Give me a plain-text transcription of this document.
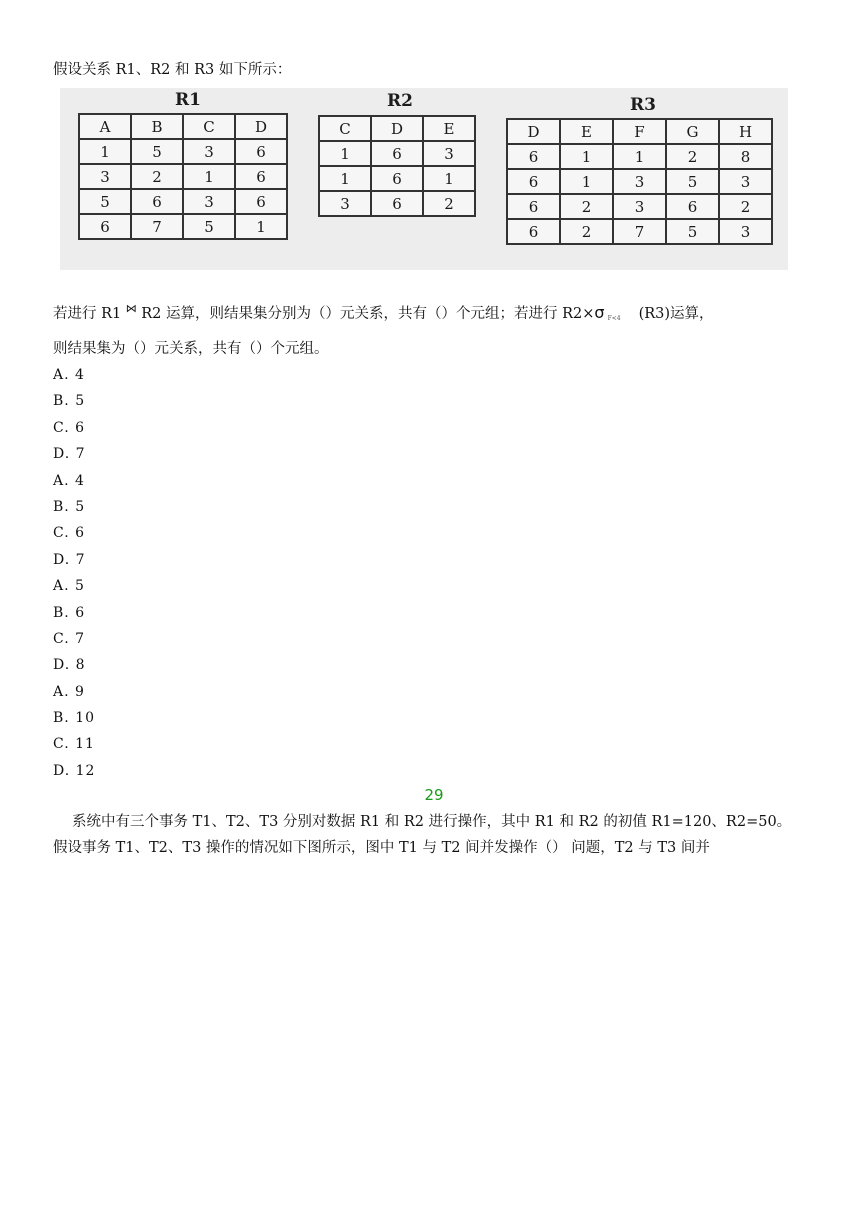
假设关系 R1、R2 和 R3 如下所示：
R1	R2	R3
A	B	C	D
1	5	3	6
3	2	1	6
5	6	3	6
6	7	5	1
C	D	E
1	6	3
1	6	1
3	6	2
D	E	F	G	H
6	1	1	2	8
6	1	3	5	3
6	2	3	6	2
6	2	7	5	3
若进行 R1 ⋈ R2 运算，则结果集分别为（）元关系，共有（）个元组；若进行 R2×σ $_{F<4}$ (R3)运算，
则结果集为（）元关系，共有（）个元组。
A. 4
B. 5
C. 6
D. 7
A. 4
B. 5
C. 6
D. 7
A. 5
B. 6
C. 7
D. 8
A. 9
B. 10
C. 11
D. 12
29
系统中有三个事务 T1、T2、T3 分别对数据 R1 和 R2 进行操作，其中 R1 和 R2 的初值 R1=120、R2=50。
假设事务 T1、T2、T3 操作的情况如下图所示，图中 T1 与 T2 间并发操作（） 问题，T2 与 T3 间并
